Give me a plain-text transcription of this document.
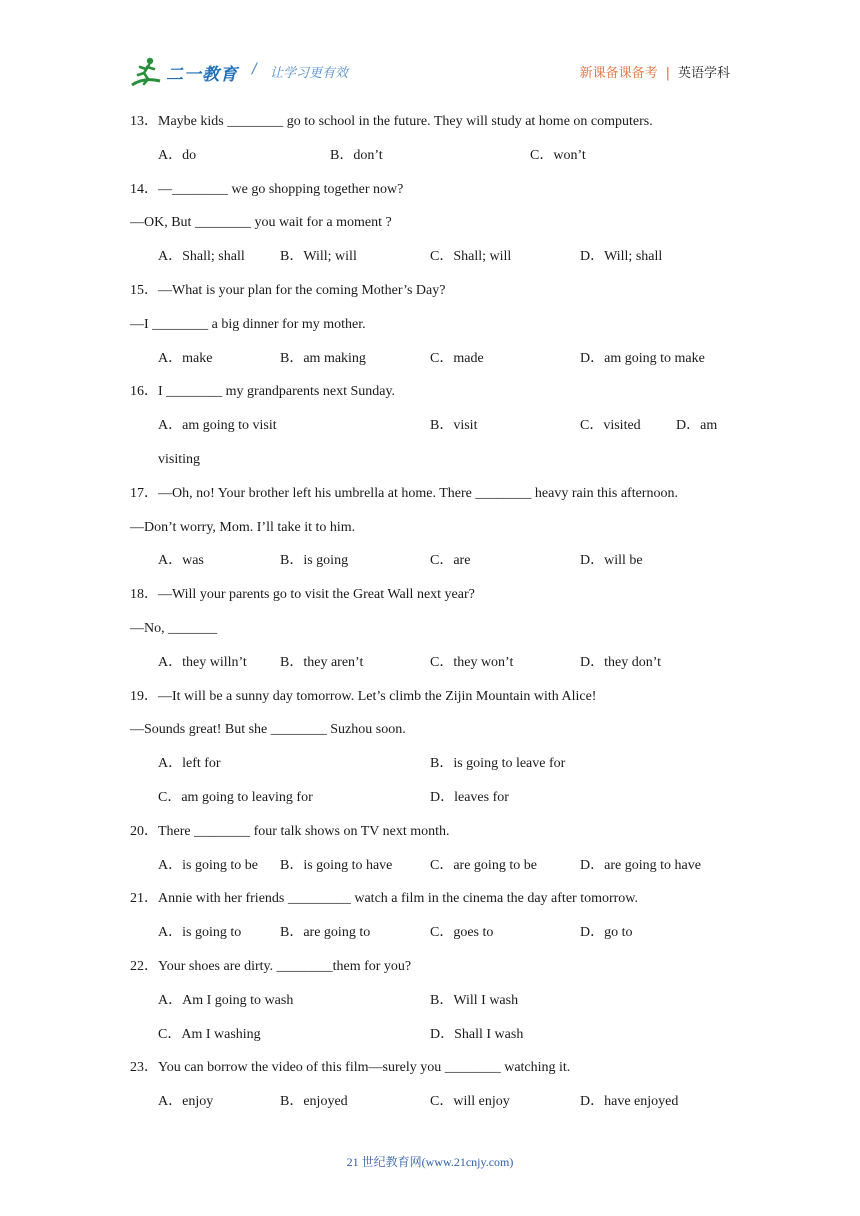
二一教育 / 让学习更有效	新课备课备考 | 英语学科
13．Maybe kids ________ go to school in the future. They will study at home on computers.
A．do	B．don’t	C．won’t
14．—________ we go shopping together now?
—OK, But ________ you wait for a moment ?
A．Shall; shall	B．Will; will	C．Shall; will	D．Will; shall
15．—What is your plan for the coming Mother’s Day?
—I ________ a big dinner for my mother.
A．make	B．am making	C．made	D．am going to make
16．I ________ my grandparents next Sunday.
A．am going to visit	B．visit	C．visited	D．am
visiting
17．—Oh, no! Your brother left his umbrella at home. There ________ heavy rain this afternoon.
—Don’t worry, Mom. I’ll take it to him.
A．was	B．is going	C．are	D．will be
18．—Will your parents go to visit the Great Wall next year?
—No, _______
A．they willn’t B．they aren’t	C．they won’t	D．they don’t
19．—It will be a sunny day tomorrow. Let’s climb the Zijin Mountain with Alice!
—Sounds great! But she ________ Suzhou soon.
A．left for	B．is going to leave for
C．am going to leaving for	D．leaves for
20．There ________ four talk shows on TV next month.
A．is going to be B．is going to have	C．are going to be	D．are going to have
21．Annie with her friends _________ watch a film in the cinema the day after tomorrow.
A．is going to	B．are going to	C．goes to	D．go to
22．Your shoes are dirty. ________them for you?
A．Am I going to wash	B．Will I wash
C．Am I washing	D．Shall I wash
23．You can borrow the video of this film—surely you ________ watching it.
A．enjoy	B．enjoyed	C．will enjoy	D．have enjoyed
21 世纪教育网(www.21cnjy.com)
